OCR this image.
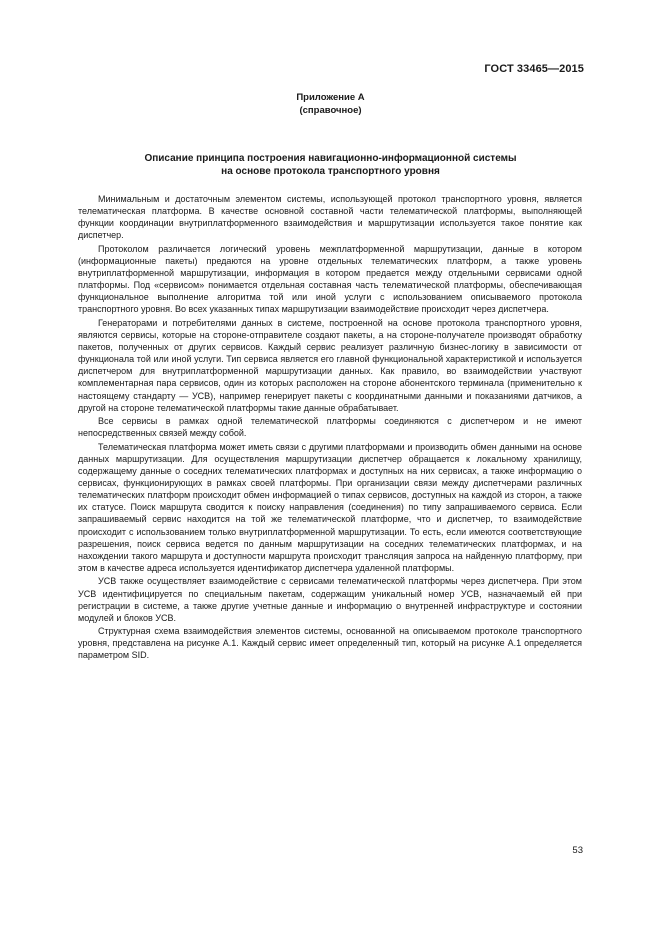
ГОСТ 33465—2015
Приложение А
(справочное)
Описание принципа построения навигационно-информационной системы
на основе протокола транспортного уровня

Минимальным и достаточным элементом системы, использующей протокол транспортного уровня, является телематическая платформа. В качестве основной составной части телематической платформы, выполняющей функции координации внутриплатформенного взаимодействия и маршрутизации используется такое понятие как диспетчер.

Протоколом различается логический уровень межплатформенной маршрутизации, данные в котором (информационные пакеты) предаются на уровне отдельных телематических платформ, а также уровень внутриплатформенной маршрутизации, информация в котором предается между отдельными сервисами одной платформы. Под «сервисом» понимается отдельная составная часть телематической платформы, обеспечивающая функциональное выполнение алгоритма той или иной услуги с использованием описываемого протокола транспортного уровня. Во всех указанных типах маршрутизации взаимодействие происходит через диспетчера.

Генераторами и потребителями данных в системе, построенной на основе протокола транспортного уровня, являются сервисы, которые на стороне-отправителе создают пакеты, а на стороне-получателе производят обработку пакетов, полученных от других сервисов. Каждый сервис реализует различную бизнес-логику в зависимости от функционала той или иной услуги. Тип сервиса является его главной функциональной характеристикой и используется диспетчером для внутриплатформенной маршрутизации данных. Как правило, во взаимодействии участвуют комплементарная пара сервисов, один из которых расположен на стороне абонентского терминала (применительно к настоящему стандарту — УСВ), например генерирует пакеты с координатными данными и показаниями датчиков, а другой на стороне телематической платформы такие данные обрабатывает.

Все сервисы в рамках одной телематической платформы соединяются с диспетчером и не имеют непосредственных связей между собой.

Телематическая платформа может иметь связи с другими платформами и производить обмен данными на основе данных маршрутизации. Для осуществления маршрутизации диспетчер обращается к локальному хранилищу, содержащему данные о соседних телематических платформах и доступных на них сервисах, а также информацию о сервисах, функционирующих в рамках своей платформы. При организации связи между диспетчерами различных телематических платформ происходит обмен информацией о типах сервисов, доступных на каждой из сторон, а также их статусе. Поиск маршрута сводится к поиску направления (соединения) по типу запрашиваемого сервиса. Если запрашиваемый сервис находится на той же телематической платформе, что и диспетчер, то взаимодействие происходит с использованием только внутриплатформенной маршрутизации. То есть, если имеются соответствующие разрешения, поиск сервиса ведется по данным маршрутизации на соседних телематических платформах, и на нахождении такого маршрута и доступности маршрута происходит трансляция запроса на найденную платформу, при этом в качестве адреса используется идентификатор диспетчера удаленной платформы.

УСВ также осуществляет взаимодействие с сервисами телематической платформы через диспетчера. При этом УСВ идентифицируется по специальным пакетам, содержащим уникальный номер УСВ, назначаемый ей при регистрации в системе, а также другие учетные данные и информацию о внутренней инфраструктуре и состоянии модулей и блоков УСВ.

Структурная схема взаимодействия элементов системы, основанной на описываемом протоколе транспортного уровня, представлена на рисунке А.1. Каждый сервис имеет определенный тип, который на рисунке А.1 определяется параметром SID.

53
